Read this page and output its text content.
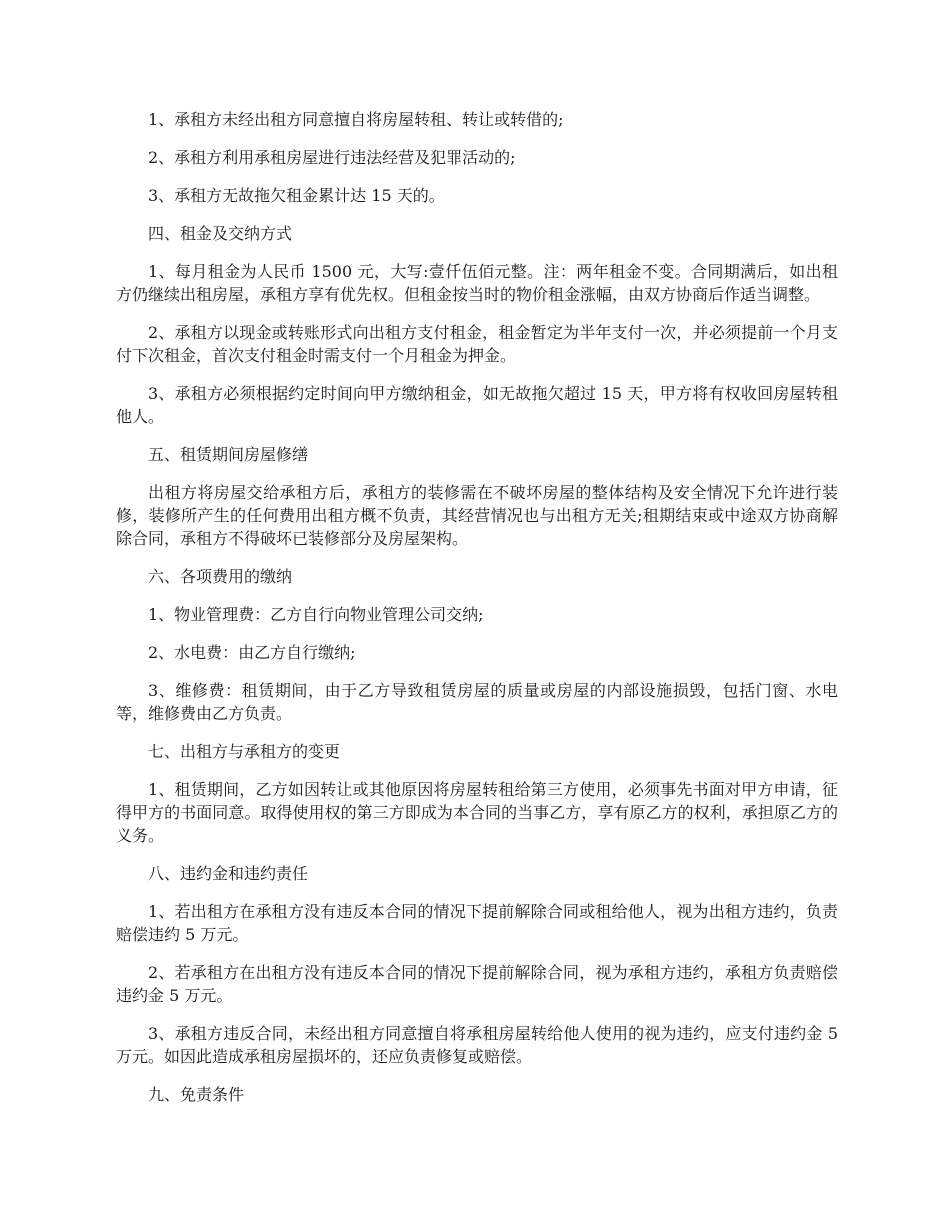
1、承租方未经出租方同意擅自将房屋转租、转让或转借的;

2、承租方利用承租房屋进行违法经营及犯罪活动的;

3、承租方无故拖欠租金累计达 15 天的。

四、租金及交纳方式

1、每月租金为人民币 1500 元，大写:壹仟伍佰元整。注：两年租金不变。合同期满后，如出租方仍继续出租房屋，承租方享有优先权。但租金按当时的物价租金涨幅，由双方协商后作适当调整。

2、承租方以现金或转账形式向出租方支付租金，租金暂定为半年支付一次，并必须提前一个月支付下次租金，首次支付租金时需支付一个月租金为押金。

3、承租方必须根据约定时间向甲方缴纳租金，如无故拖欠超过 15 天，甲方将有权收回房屋转租他人。

五、租赁期间房屋修缮

出租方将房屋交给承租方后，承租方的装修需在不破坏房屋的整体结构及安全情况下允许进行装修，装修所产生的任何费用出租方概不负责，其经营情况也与出租方无关;租期结束或中途双方协商解除合同，承租方不得破坏已装修部分及房屋架构。

六、各项费用的缴纳

1、物业管理费：乙方自行向物业管理公司交纳;

2、水电费：由乙方自行缴纳;

3、维修费：租赁期间，由于乙方导致租赁房屋的质量或房屋的内部设施损毁，包括门窗、水电等，维修费由乙方负责。

七、出租方与承租方的变更

1、租赁期间，乙方如因转让或其他原因将房屋转租给第三方使用，必须事先书面对甲方申请，征得甲方的书面同意。取得使用权的第三方即成为本合同的当事乙方，享有原乙方的权利，承担原乙方的义务。

八、违约金和违约责任

1、若出租方在承租方没有违反本合同的情况下提前解除合同或租给他人，视为出租方违约，负责赔偿违约 5 万元。

2、若承租方在出租方没有违反本合同的情况下提前解除合同，视为承租方违约，承租方负责赔偿违约金 5 万元。

3、承租方违反合同，未经出租方同意擅自将承租房屋转给他人使用的视为违约，应支付违约金 5 万元。如因此造成承租房屋损坏的，还应负责修复或赔偿。

九、免责条件
